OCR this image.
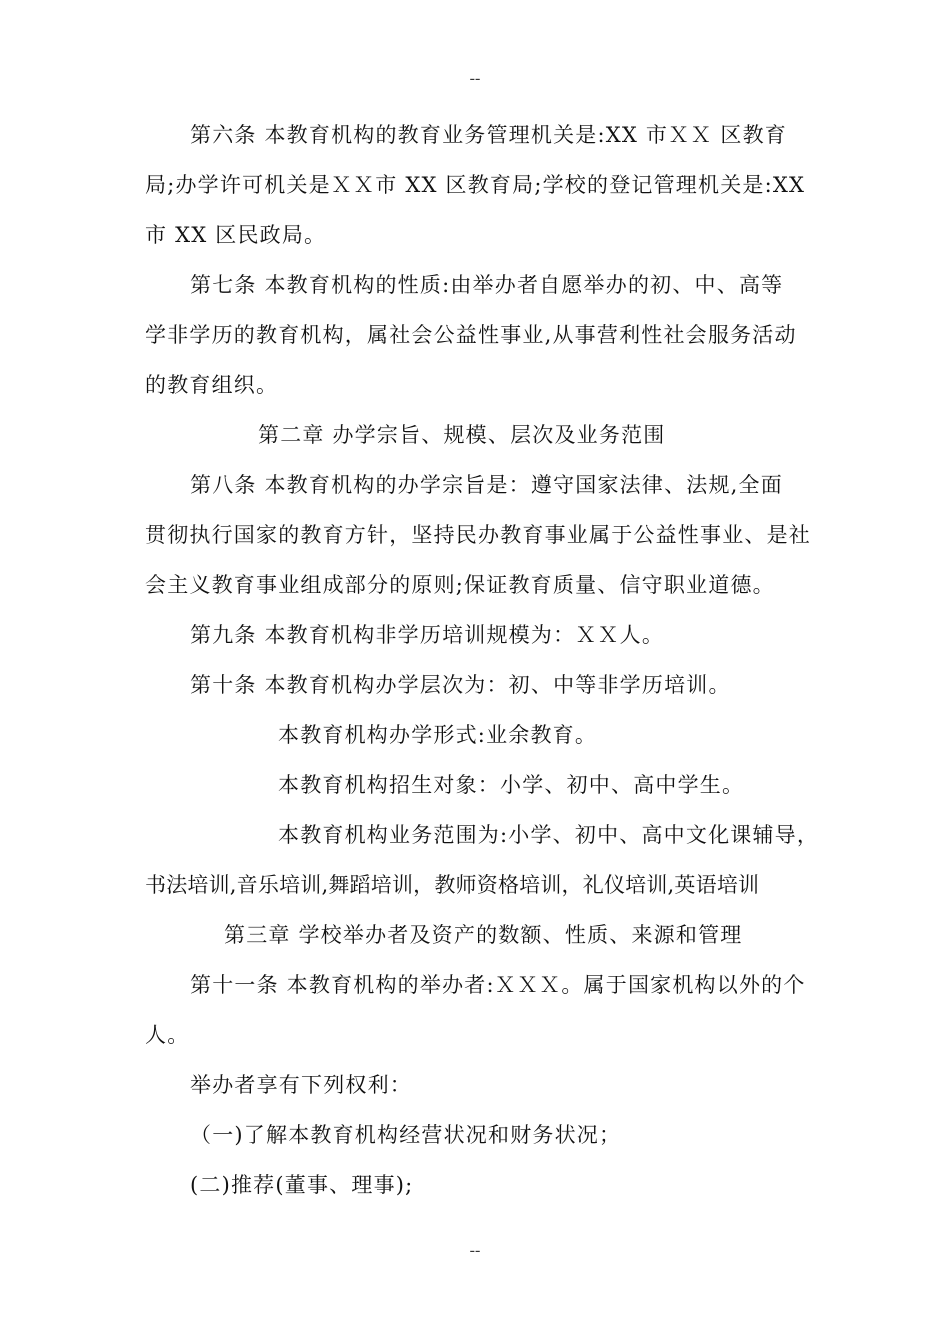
--
第六条 本教育机构的教育业务管理机关是:XX 市ＸＸ 区教育
局;办学许可机关是ＸＸ市 XX 区教育局;学校的登记管理机关是:XX
市 XX 区民政局。
第七条 本教育机构的性质:由举办者自愿举办的初、中、高等
学非学历的教育机构，属社会公益性事业,从事营利性社会服务活动
的教育组织。
第二章 办学宗旨、规模、层次及业务范围
第八条 本教育机构的办学宗旨是：遵守国家法律、法规,全面
贯彻执行国家的教育方针，坚持民办教育事业属于公益性事业、是社
会主义教育事业组成部分的原则;保证教育质量、信守职业道德。
第九条 本教育机构非学历培训规模为：ＸＸ人。
第十条 本教育机构办学层次为：初、中等非学历培训。
本教育机构办学形式:业余教育。
本教育机构招生对象：小学、初中、高中学生。
本教育机构业务范围为:小学、初中、高中文化课辅导，
书法培训,音乐培训,舞蹈培训，教师资格培训，礼仪培训,英语培训
第三章 学校举办者及资产的数额、性质、来源和管理
第十一条 本教育机构的举办者:ＸＸＸ。属于国家机构以外的个
人。
举办者享有下列权利：
（一)了解本教育机构经营状况和财务状况；
(二)推荐(董事、理事);
--
